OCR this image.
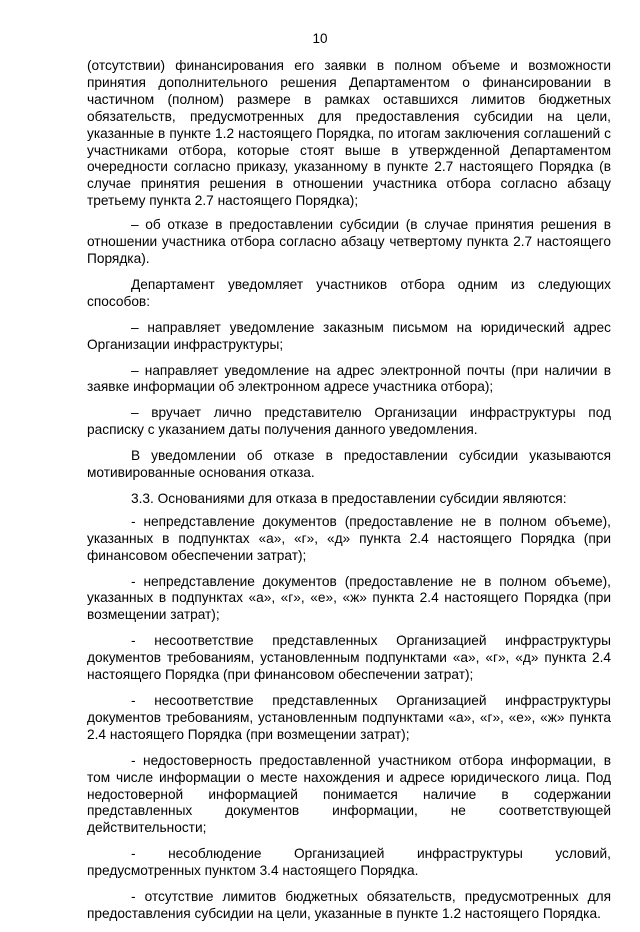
10

(отсутствии) финансирования его заявки в полном объеме и возможности принятия дополнительного решения Департаментом о финансировании в частичном (полном) размере в рамках оставшихся лимитов бюджетных обязательств, предусмотренных для предоставления субсидии на цели, указанные в пункте 1.2 настоящего Порядка, по итогам заключения соглашений с участниками отбора, которые стоят выше в утвержденной Департаментом очередности согласно приказу, указанному в пункте 2.7 настоящего Порядка (в случае принятия решения в отношении участника отбора согласно абзацу третьему пункта 2.7 настоящего Порядка);

– об отказе в предоставлении субсидии (в случае принятия решения в отношении участника отбора согласно абзацу четвертому пункта 2.7 настоящего Порядка).

Департамент уведомляет участников отбора одним из следующих способов:

– направляет уведомление заказным письмом на юридический адрес Организации инфраструктуры;

– направляет уведомление на адрес электронной почты (при наличии в заявке информации об электронном адресе участника отбора);

– вручает лично представителю Организации инфраструктуры под расписку с указанием даты получения данного уведомления.

В уведомлении об отказе в предоставлении субсидии указываются мотивированные основания отказа.

3.3. Основаниями для отказа в предоставлении субсидии являются:

- непредставление документов (предоставление не в полном объеме), указанных в подпунктах «а», «г», «д» пункта 2.4 настоящего Порядка (при финансовом обеспечении затрат);

- непредставление документов (предоставление не в полном объеме), указанных в подпунктах «а», «г», «е», «ж» пункта 2.4 настоящего Порядка (при возмещении затрат);

- несоответствие представленных Организацией инфраструктуры документов требованиям, установленным подпунктами «а», «г», «д» пункта 2.4 настоящего Порядка (при финансовом обеспечении затрат);

- несоответствие представленных Организацией инфраструктуры документов требованиям, установленным подпунктами «а», «г», «е», «ж» пункта 2.4 настоящего Порядка (при возмещении затрат);

- недостоверность предоставленной участником отбора информации, в том числе информации о месте нахождения и адресе юридического лица. Под недостоверной информацией понимается наличие в содержании представленных документов информации, не соответствующей действительности;

- несоблюдение Организацией инфраструктуры условий, предусмотренных пунктом 3.4 настоящего Порядка.

- отсутствие лимитов бюджетных обязательств, предусмотренных для предоставления субсидии на цели, указанные в пункте 1.2 настоящего Порядка.
